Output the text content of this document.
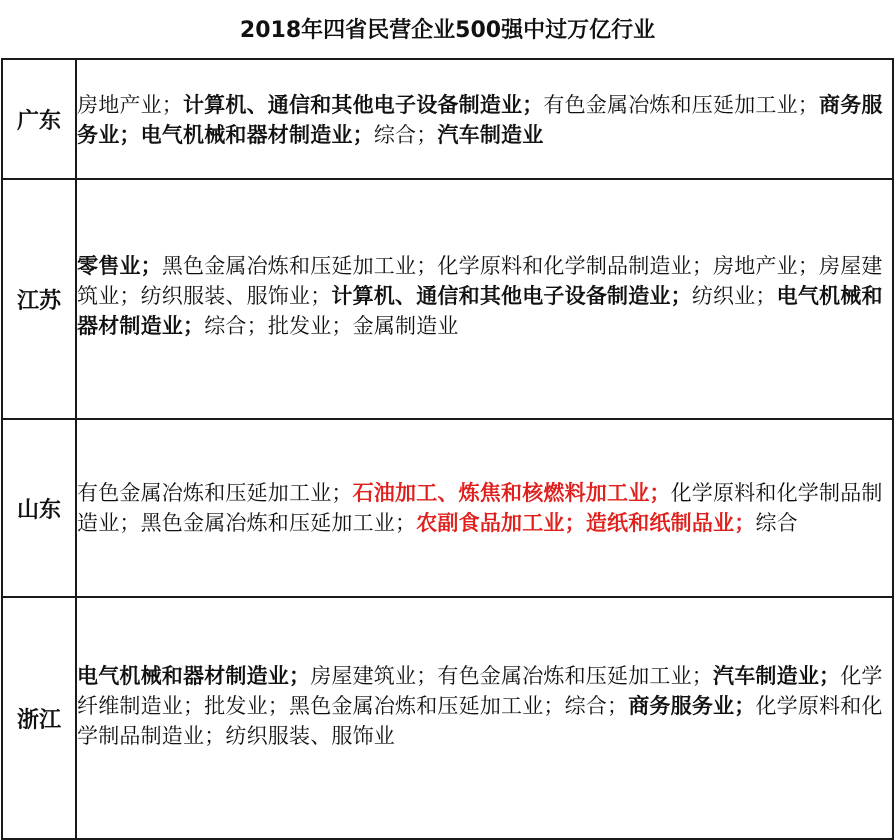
2018年四省民营企业500强中过万亿行业
广东	房地产业；计算机、通信和其他电子设备制造业；有色金属冶炼和压延加工业；商务服务业；电气机械和器材制造业；综合；汽车制造业
江苏	零售业；黑色金属冶炼和压延加工业；化学原料和化学制品制造业；房地产业；房屋建筑业；纺织服装、服饰业；计算机、通信和其他电子设备制造业；纺织业；电气机械和器材制造业；综合；批发业；金属制造业
山东	有色金属冶炼和压延加工业；石油加工、炼焦和核燃料加工业；化学原料和化学制品制造业；黑色金属冶炼和压延加工业；农副食品加工业；造纸和纸制品业；综合
浙江	电气机械和器材制造业；房屋建筑业；有色金属冶炼和压延加工业；汽车制造业；化学纤维制造业；批发业；黑色金属冶炼和压延加工业；综合；商务服务业；化学原料和化学制品制造业；纺织服装、服饰业
